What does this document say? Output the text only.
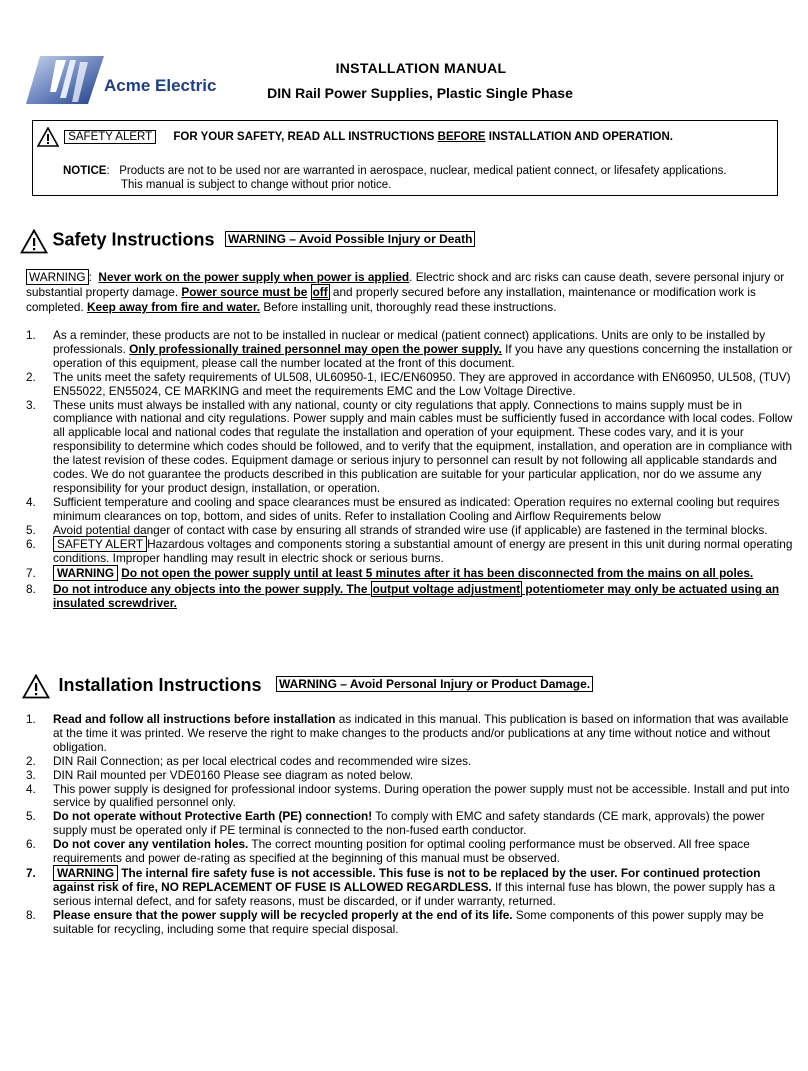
Acme Electric
INSTALLATION MANUAL
DIN Rail Power Supplies, Plastic Single Phase
SAFETY ALERT FOR YOUR SAFETY, READ ALL INSTRUCTIONS BEFORE INSTALLATION AND OPERATION.
NOTICE:   Products are not to be used nor are warranted in aerospace, nuclear, medical patient connect, or lifesafety applications.
This manual is subject to change without prior notice.
Safety Instructions WARNING – Avoid Possible Injury or Death
WARNING : Never work on the power supply when power is applied. Electric shock and arc risks can cause death, severe personal injury or substantial property damage. Power source must be off and properly secured before any installation, maintenance or modification work is completed. Keep away from fire and water. Before installing unit, thoroughly read these instructions.
1. As a reminder, these products are not to be installed in nuclear or medical (patient connect) applications. Units are only to be installed by professionals. Only professionally trained personnel may open the power supply. If you have any questions concerning the installation or operation of this equipment, please call the number located at the front of this document.
2. The units meet the safety requirements of UL508, UL60950-1, IEC/EN60950. They are approved in accordance with EN60950, UL508, (TUV) EN55022, EN55024, CE MARKING and meet the requirements EMC and the Low Voltage Directive.
3. These units must always be installed with any national, county or city regulations that apply. Connections to mains supply must be in compliance with national and city regulations. Power supply and main cables must be sufficiently fused in accordance with local codes. Follow all applicable local and national codes that regulate the installation and operation of your equipment. These codes vary, and it is your responsibility to determine which codes should be followed, and to verify that the equipment, installation, and operation are in compliance with the latest revision of these codes. Equipment damage or serious injury to personnel can result by not following all applicable standards and codes. We do not guarantee the products described in this publication are suitable for your particular application, nor do we assume any responsibility for your product design, installation, or operation.
4. Sufficient temperature and cooling and space clearances must be ensured as indicated: Operation requires no external cooling but requires minimum clearances on top, bottom, and sides of units. Refer to installation Cooling and Airflow Requirements below
5. Avoid potential danger of contact with case by ensuring all strands of stranded wire use (if applicable) are fastened in the terminal blocks.
6. SAFETY ALERT Hazardous voltages and components storing a substantial amount of energy are present in this unit during normal operating conditions. Improper handling may result in electric shock or serious burns.
7. WARNING Do not open the power supply until at least 5 minutes after it has been disconnected from the mains on all poles.
8. Do not introduce any objects into the power supply. The output voltage adjustment potentiometer may only be actuated using an insulated screwdriver.
Installation Instructions WARNING – Avoid Personal Injury or Product Damage.
1. Read and follow all instructions before installation as indicated in this manual. This publication is based on information that was available at the time it was printed. We reserve the right to make changes to the products and/or publications at any time without notice and without obligation.
2. DIN Rail Connection; as per local electrical codes and recommended wire sizes.
3. DIN Rail mounted per VDE0160 Please see diagram as noted below.
4. This power supply is designed for professional indoor systems. During operation the power supply must not be accessible. Install and put into service by qualified personnel only.
5. Do not operate without Protective Earth (PE) connection! To comply with EMC and safety standards (CE mark, approvals) the power supply must be operated only if PE terminal is connected to the non-fused earth conductor.
6. Do not cover any ventilation holes. The correct mounting position for optimal cooling performance must be observed. All free space requirements and power de-rating as specified at the beginning of this manual must be observed.
7. WARNING The internal fire safety fuse is not accessible. This fuse is not to be replaced by the user. For continued protection against risk of fire, NO REPLACEMENT OF FUSE IS ALLOWED REGARDLESS. If this internal fuse has blown, the power supply has a serious internal defect, and for safety reasons, must be discarded, or if under warranty, returned.
8. Please ensure that the power supply will be recycled properly at the end of its life. Some components of this power supply may be suitable for recycling, including some that require special disposal.
